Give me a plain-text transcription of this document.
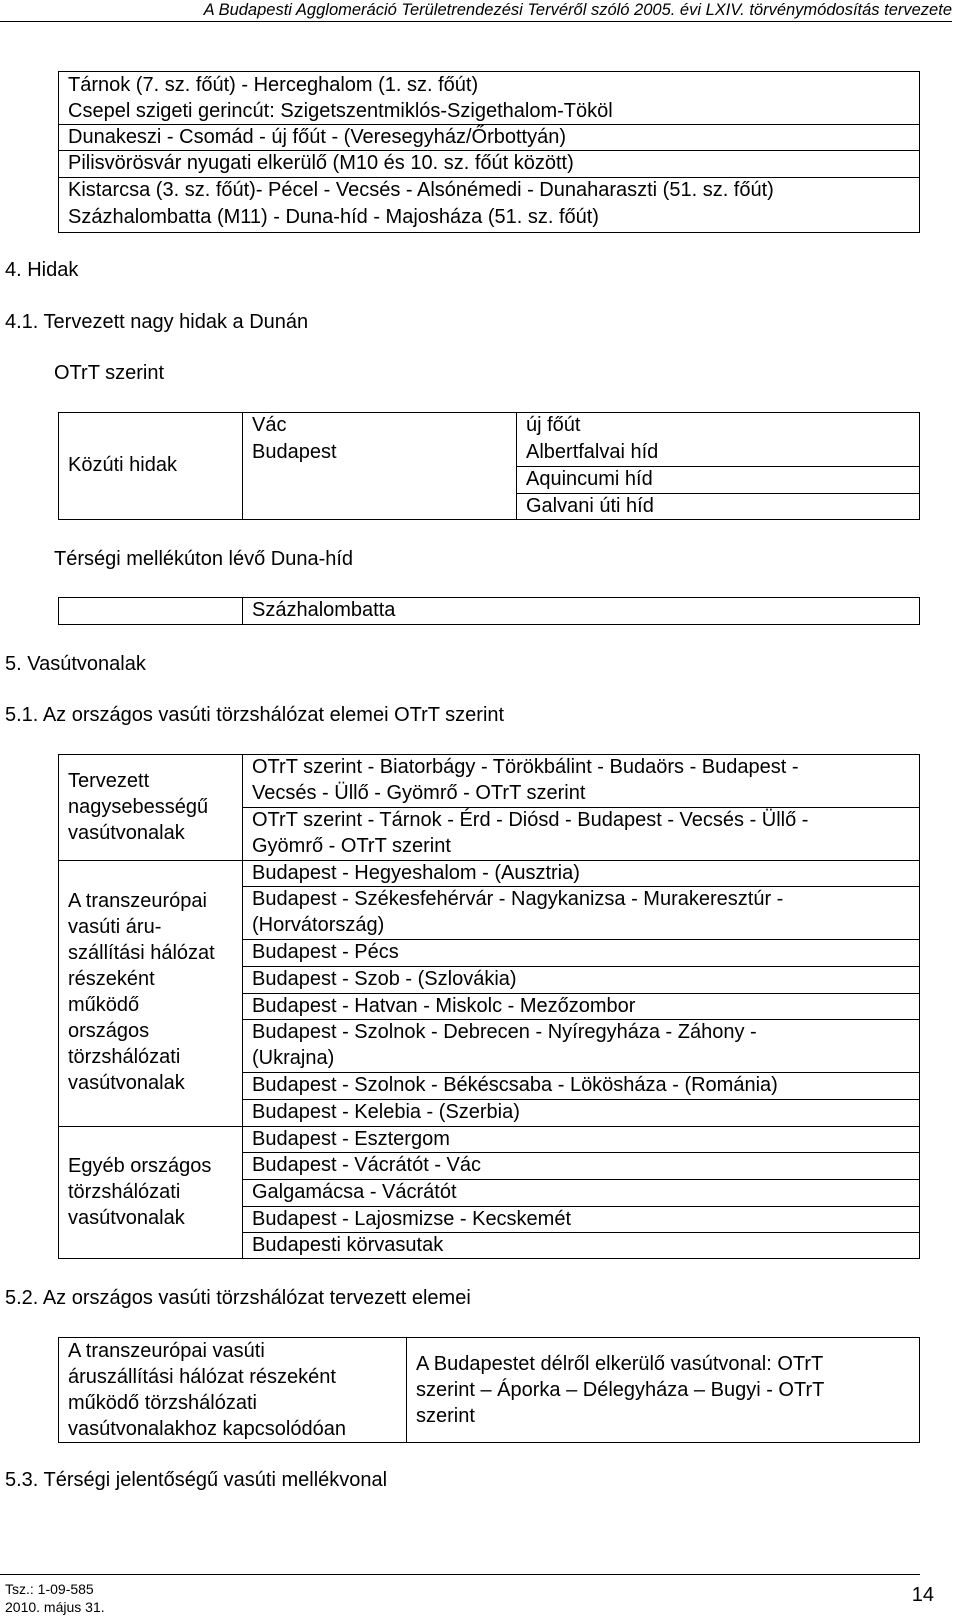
A Budapesti Agglomeráció Területrendezési Tervéről szóló 2005. évi LXIV. törvénymódosítás tervezete
Tárnok (7. sz. főút) - Herceghalom (1. sz. főút)
Csepel szigeti gerincút: Szigetszentmiklós-Szigethalom-Tököl
Dunakeszi - Csomád - új főút - (Veresegyház/Őrbottyán)
Pilisvörösvár nyugati elkerülő (M10 és 10. sz. főút között)
Kistarcsa (3. sz. főút)- Pécel - Vecsés - Alsónémedi - Dunaharaszti (51. sz. főút)
Százhalombatta (M11) - Duna-híd - Majosháza (51. sz. főút)
4. Hidak
4.1. Tervezett nagy hidak a Dunán
OTrT szerint
Közúti hidak
Vác
Budapest
új főút
Albertfalvai híd
Aquincumi híd
Galvani úti híd
Térségi mellékúton lévő Duna-híd
Százhalombatta
5. Vasútvonalak
5.1. Az országos vasúti törzshálózat elemei OTrT szerint
Tervezett
nagysebességű
vasútvonalak
A transzeurópai
vasúti áru-
szállítási hálózat
részeként
működő
országos
törzshálózati
vasútvonalak
Egyéb országos
törzshálózati
vasútvonalak
OTrT szerint - Biatorbágy - Törökbálint - Budaörs - Budapest -
Vecsés - Üllő - Gyömrő - OTrT szerint
OTrT szerint - Tárnok - Érd - Diósd - Budapest - Vecsés - Üllő -
Gyömrő - OTrT szerint
Budapest - Hegyeshalom - (Ausztria)
Budapest - Székesfehérvár - Nagykanizsa - Murakeresztúr -
(Horvátország)
Budapest - Pécs
Budapest - Szob - (Szlovákia)
Budapest - Hatvan - Miskolc - Mezőzombor
Budapest - Szolnok - Debrecen - Nyíregyháza - Záhony -
(Ukrajna)
Budapest - Szolnok - Békéscsaba - Lökösháza - (Románia)
Budapest - Kelebia - (Szerbia)
Budapest - Esztergom
Budapest - Vácrátót - Vác
Galgamácsa - Vácrátót
Budapest - Lajosmizse - Kecskemét
Budapesti körvasutak
5.2. Az országos vasúti törzshálózat tervezett elemei
A transzeurópai vasúti
áruszállítási hálózat részeként
működő törzshálózati
vasútvonalakhoz kapcsolódóan
A Budapestet délről elkerülő vasútvonal: OTrT
szerint – Áporka – Délegyháza – Bugyi - OTrT
szerint
5.3. Térségi jelentőségű vasúti mellékvonal
Tsz.: 1-09-585
2010. május 31.
14
